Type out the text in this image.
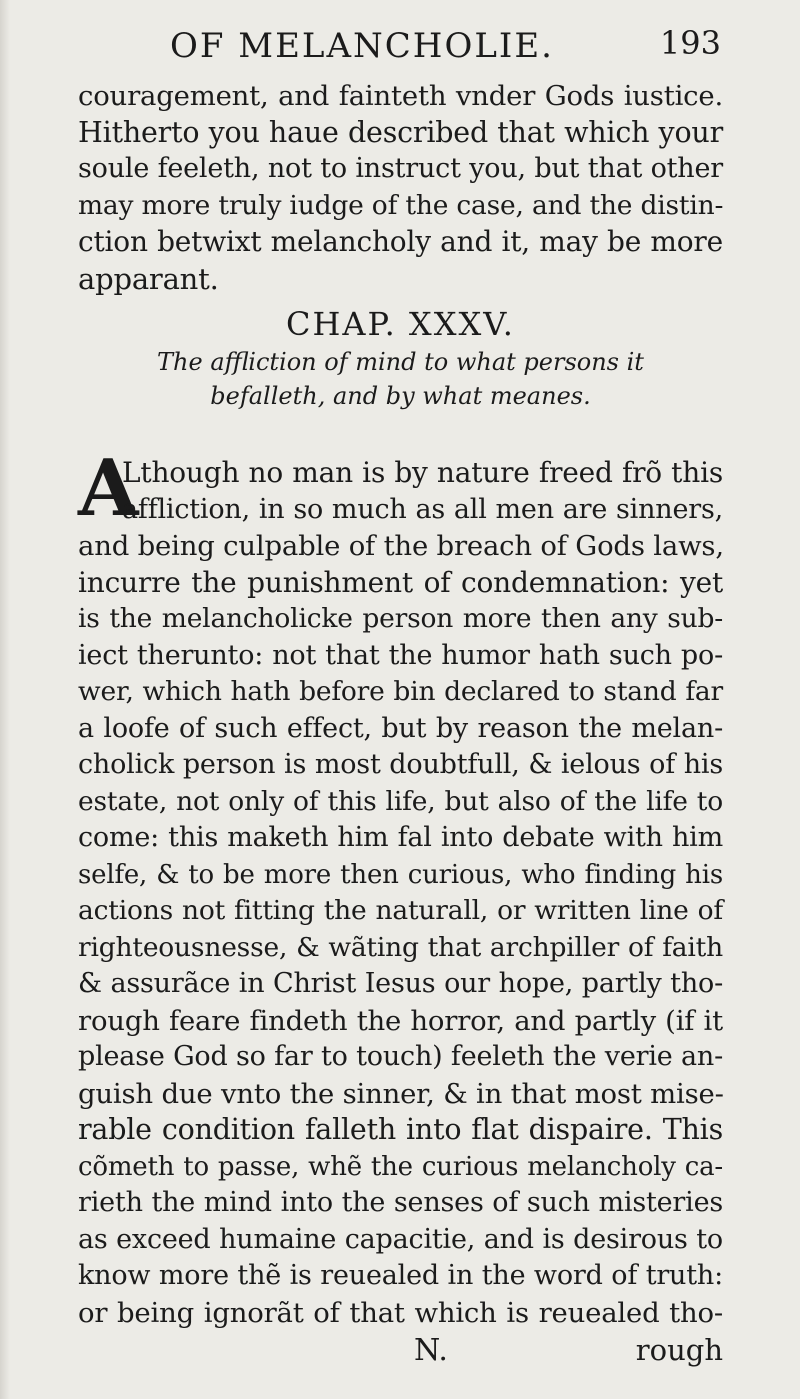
OF MELANCHOLIE.	193
couragement, and fainteth vnder Gods iustice.
Hitherto you haue described that which your
soule feeleth, not to instruct you, but that other
may more truly iudge of the case, and the distin-
ction betwixt melancholy and it, may be more
apparant.
CHAP. XXXV.
The affliction of mind to what persons it
befalleth, and by what meanes.
A
Lthough no man is by nature freed frõ this
affliction, in so much as all men are sinners,
and being culpable of the breach of Gods laws,
incurre the punishment of condemnation: yet
is the melancholicke person more then any sub-
iect therunto: not that the humor hath such po-
wer, which hath before bin declared to stand far
a loofe of such effect, but by reason the melan-
cholick person is most doubtfull, & ielous of his
estate, not only of this life, but also of the life to
come: this maketh him fal into debate with him
selfe, & to be more then curious, who finding his
actions not fitting the naturall, or written line of
righteousnesse, & wãting that archpiller of faith
& assurãce in Christ Iesus our hope, partly tho-
rough feare findeth the horror, and partly (if it
please God so far to touch) feeleth the verie an-
guish due vnto the sinner, & in that most mise-
rable condition falleth into flat dispaire. This
cõmeth to passe, whẽ the curious melancholy ca-
rieth the mind into the senses of such misteries
as exceed humaine capacitie, and is desirous to
know more thẽ is reuealed in the word of truth:
or being ignorãt of that which is reuealed tho-
N.	rough
